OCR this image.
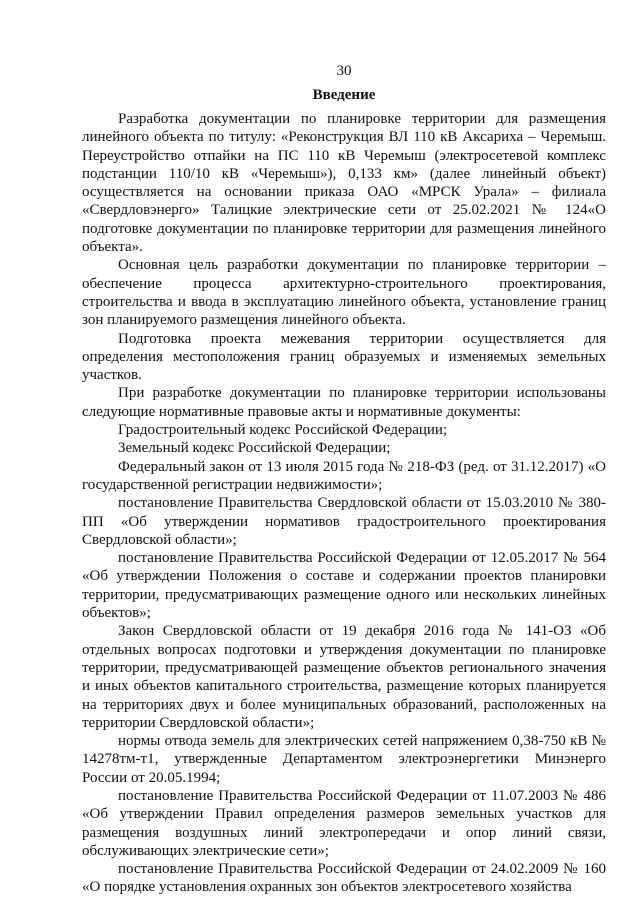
30
Введение

Разработка документации по планировке территории для размещения линейного объекта по титулу: «Реконструкция ВЛ 110 кВ Аксариха – Черемыш. Переустройство отпайки на ПС 110 кВ Черемыш (электросетевой комплекс подстанции 110/10 кВ «Черемыш»), 0,133 км» (далее линейный объект) осуществляется на основании приказа ОАО «МРСК Урала» – филиала «Свердловэнерго» Талицкие электрические сети от 25.02.2021 № 124«О подготовке документации по планировке территории для размещения линейного объекта».

Основная цель разработки документации по планировке территории – обеспечение процесса архитектурно-строительного проектирования, строительства и ввода в эксплуатацию линейного объекта, установление границ зон планируемого размещения линейного объекта.

Подготовка проекта межевания территории осуществляется для определения местоположения границ образуемых и изменяемых земельных участков.

При разработке документации по планировке территории использованы следующие нормативные правовые акты и нормативные документы:

Градостроительный кодекс Российской Федерации;

Земельный кодекс Российской Федерации;

Федеральный закон от 13 июля 2015 года № 218-ФЗ (ред. от 31.12.2017) «О государственной регистрации недвижимости»;

постановление Правительства Свердловской области от 15.03.2010 № 380-ПП «Об утверждении нормативов градостроительного проектирования Свердловской области»;

постановление Правительства Российской Федерации от 12.05.2017 № 564 «Об утверждении Положения о составе и содержании проектов планировки территории, предусматривающих размещение одного или нескольких линейных объектов»;

Закон Свердловской области от 19 декабря 2016 года № 141-ОЗ «Об отдельных вопросах подготовки и утверждения документации по планировке территории, предусматривающей размещение объектов регионального значения и иных объектов капитального строительства, размещение которых планируется на территориях двух и более муниципальных образований, расположенных на территории Свердловской области»;

нормы отвода земель для электрических сетей напряжением 0,38-750 кВ № 14278тм-т1, утвержденные Департаментом электроэнергетики Минэнерго России от 20.05.1994;

постановление Правительства Российской Федерации от 11.07.2003 № 486 «Об утверждении Правил определения размеров земельных участков для размещения воздушных линий электропередачи и опор линий связи, обслуживающих электрические сети»;

постановление Правительства Российской Федерации от 24.02.2009 № 160 «О порядке установления охранных зон объектов электросетевого хозяйства
